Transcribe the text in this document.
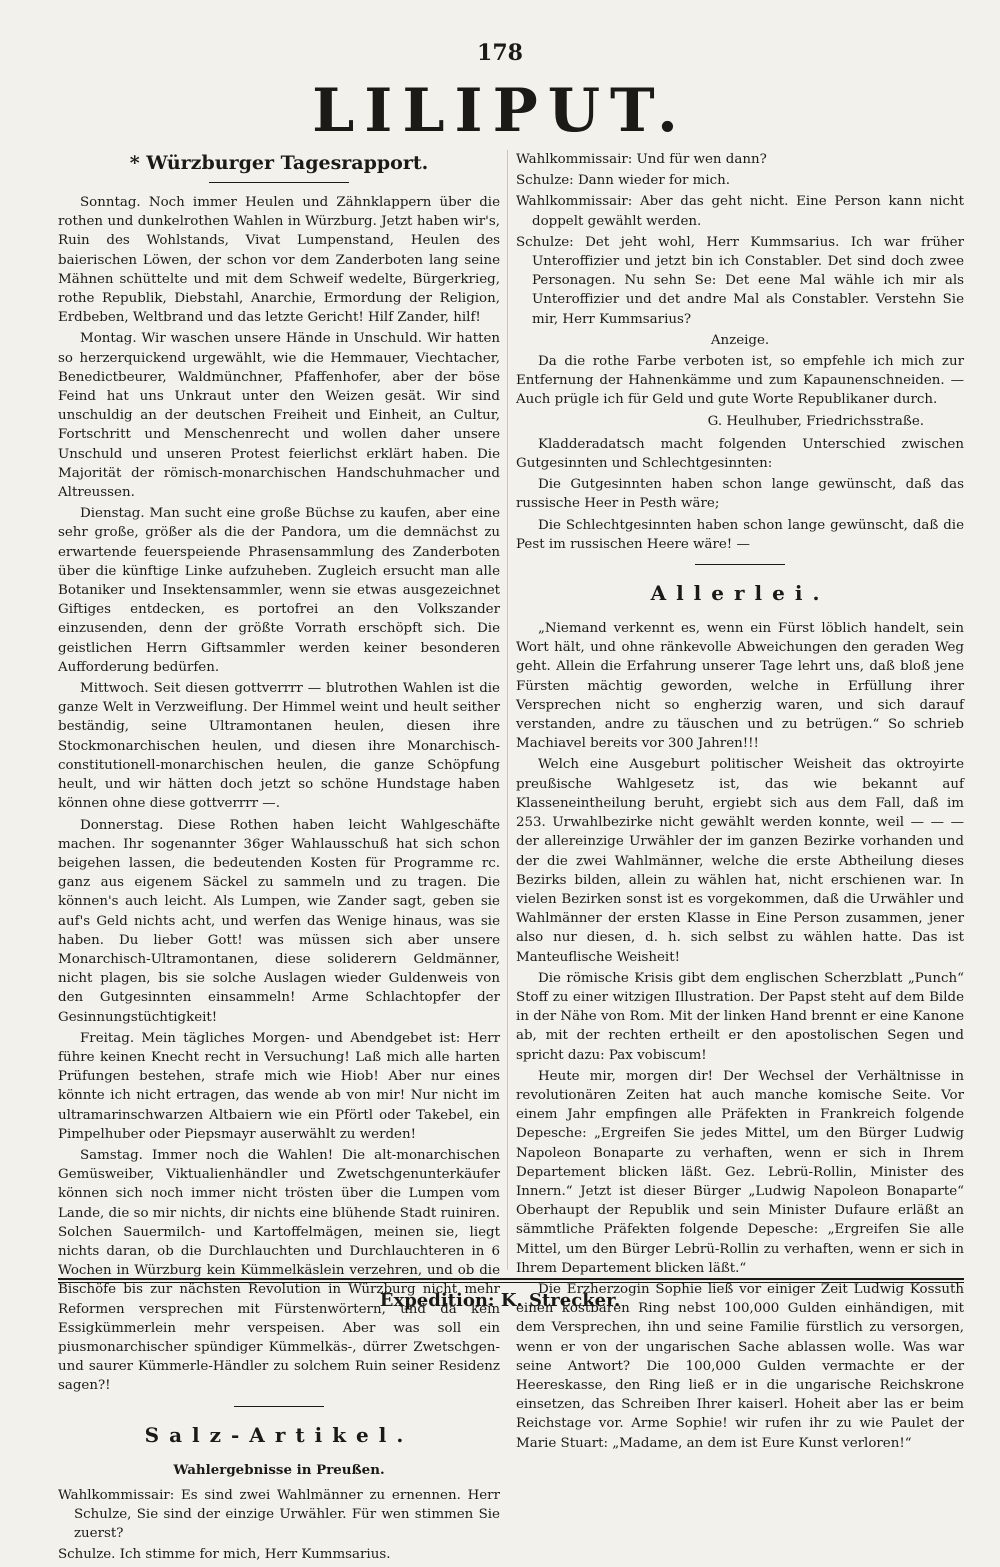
178
LILIPUT.
* Würzburger Tagesrapport.

Sonntag. Noch immer Heulen und Zähnklappern über die rothen und dunkelrothen Wahlen in Würzburg. Jetzt haben wir's, Ruin des Wohlstands, Vivat Lumpenstand, Heulen des baierischen Löwen, der schon vor dem Zanderboten lang seine Mähnen schüttelte und mit dem Schweif wedelte, Bürgerkrieg, rothe Republik, Diebstahl, Anarchie, Ermordung der Religion, Erdbeben, Weltbrand und das letzte Gericht! Hilf Zander, hilf!

Montag. Wir waschen unsere Hände in Unschuld. Wir hatten so herzerquickend urgewählt, wie die Hemmauer, Viechtacher, Benedictbeurer, Waldmünchner, Pfaffenhofer, aber der böse Feind hat uns Unkraut unter den Weizen gesät. Wir sind unschuldig an der deutschen Freiheit und Einheit, an Cultur, Fortschritt und Menschenrecht und wollen daher unsere Unschuld und unseren Protest feierlichst erklärt haben. Die Majorität der römisch-monarchischen Handschuhmacher und Altreussen.

Dienstag. Man sucht eine große Büchse zu kaufen, aber eine sehr große, größer als die der Pandora, um die demnächst zu erwartende feuerspeiende Phrasensammlung des Zanderboten über die künftige Linke aufzuheben. Zugleich ersucht man alle Botaniker und Insektensammler, wenn sie etwas ausgezeichnet Giftiges entdecken, es portofrei an den Volkszander einzusenden, denn der größte Vorrath erschöpft sich. Die geistlichen Herrn Giftsammler werden keiner besonderen Aufforderung bedürfen.

Mittwoch. Seit diesen gottverrrr — blutrothen Wahlen ist die ganze Welt in Verzweiflung. Der Himmel weint und heult seither beständig, seine Ultramontanen heulen, diesen ihre Stockmonarchischen heulen, und diesen ihre Monarchisch-constitutionell-monarchischen heulen, die ganze Schöpfung heult, und wir hätten doch jetzt so schöne Hundstage haben können ohne diese gottverrrr —.

Donnerstag. Diese Rothen haben leicht Wahlgeschäfte machen. Ihr sogenannter 36ger Wahlausschuß hat sich schon beigehen lassen, die bedeutenden Kosten für Programme rc. ganz aus eigenem Säckel zu sammeln und zu tragen. Die können's auch leicht. Als Lumpen, wie Zander sagt, geben sie auf's Geld nichts acht, und werfen das Wenige hinaus, was sie haben. Du lieber Gott! was müssen sich aber unsere Monarchisch-Ultramontanen, diese soliderern Geldmänner, nicht plagen, bis sie solche Auslagen wieder Guldenweis von den Gutgesinnten einsammeln! Arme Schlachtopfer der Gesinnungstüchtigkeit!

Freitag. Mein tägliches Morgen- und Abendgebet ist: Herr führe keinen Knecht recht in Versuchung! Laß mich alle harten Prüfungen bestehen, strafe mich wie Hiob! Aber nur eines könnte ich nicht ertragen, das wende ab von mir! Nur nicht im ultramarinschwarzen Altbaiern wie ein Pförtl oder Takebel, ein Pimpelhuber oder Piepsmayr auserwählt zu werden!

Samstag. Immer noch die Wahlen! Die alt-monarchischen Gemüsweiber, Viktualienhändler und Zwetschgenunterkäufer können sich noch immer nicht trösten über die Lumpen vom Lande, die so mir nichts, dir nichts eine blühende Stadt ruiniren. Solchen Sauermilch- und Kartoffelmägen, meinen sie, liegt nichts daran, ob die Durchlauchten und Durchlauchteren in 6 Wochen in Würzburg kein Kümmelkäslein verzehren, und ob die Bischöfe bis zur nächsten Revolution in Würzburg nicht mehr Reformen versprechen mit Fürstenwörtern, und da kein Essigkümmerlein mehr verspeisen. Aber was soll ein piusmonarchischer spündiger Kümmelkäs-, dürrer Zwetschgen- und saurer Kümmerle-Händler zu solchem Ruin seiner Residenz sagen?!

Salz-Artikel.
Wahlergebnisse in Preußen.

Wahlkommissair: Es sind zwei Wahlmänner zu ernennen. Herr Schulze, Sie sind der einzige Urwähler. Für wen stimmen Sie zuerst?

Schulze. Ich stimme for mich, Herr Kummsarius.

Wahlkommissair: Und für wen dann?

Schulze: Dann wieder for mich.

Wahlkommissair: Aber das geht nicht. Eine Person kann nicht doppelt gewählt werden.

Schulze: Det jeht wohl, Herr Kummsarius. Ich war früher Unteroffizier und jetzt bin ich Constabler. Det sind doch zwee Personagen. Nu sehn Se: Det eene Mal wähle ich mir als Unteroffizier und det andre Mal als Constabler. Verstehn Sie mir, Herr Kummsarius?

Anzeige.

Da die rothe Farbe verboten ist, so empfehle ich mich zur Entfernung der Hahnenkämme und zum Kapaunenschneiden. — Auch prügle ich für Geld und gute Worte Republikaner durch.

G. Heulhuber, Friedrichsstraße.

Kladderadatsch macht folgenden Unterschied zwischen Gutgesinnten und Schlechtgesinnten:

Die Gutgesinnten haben schon lange gewünscht, daß das russische Heer in Pesth wäre;

Die Schlechtgesinnten haben schon lange gewünscht, daß die Pest im russischen Heere wäre! —

Allerlei.

„Niemand verkennt es, wenn ein Fürst löblich handelt, sein Wort hält, und ohne ränkevolle Abweichungen den geraden Weg geht. Allein die Erfahrung unserer Tage lehrt uns, daß bloß jene Fürsten mächtig geworden, welche in Erfüllung ihrer Versprechen nicht so engherzig waren, und sich darauf verstanden, andre zu täuschen und zu betrügen.“ So schrieb Machiavel bereits vor 300 Jahren!!!

Welch eine Ausgeburt politischer Weisheit das oktroyirte preußische Wahlgesetz ist, das wie bekannt auf Klasseneintheilung beruht, ergiebt sich aus dem Fall, daß im 253. Urwahlbezirke nicht gewählt werden konnte, weil — — — der allereinzige Urwähler der im ganzen Bezirke vorhanden und der die zwei Wahlmänner, welche die erste Abtheilung dieses Bezirks bilden, allein zu wählen hat, nicht erschienen war. In vielen Bezirken sonst ist es vorgekommen, daß die Urwähler und Wahlmänner der ersten Klasse in Eine Person zusammen, jener also nur diesen, d. h. sich selbst zu wählen hatte. Das ist Manteuflische Weisheit!

Die römische Krisis gibt dem englischen Scherzblatt „Punch“ Stoff zu einer witzigen Illustration. Der Papst steht auf dem Bilde in der Nähe von Rom. Mit der linken Hand brennt er eine Kanone ab, mit der rechten ertheilt er den apostolischen Segen und spricht dazu: Pax vobiscum!

Heute mir, morgen dir! Der Wechsel der Verhältnisse in revolutionären Zeiten hat auch manche komische Seite. Vor einem Jahr empfingen alle Präfekten in Frankreich folgende Depesche: „Ergreifen Sie jedes Mittel, um den Bürger Ludwig Napoleon Bonaparte zu verhaften, wenn er sich in Ihrem Departement blicken läßt. Gez. Lebrü-Rollin, Minister des Innern.“ Jetzt ist dieser Bürger „Ludwig Napoleon Bonaparte“ Oberhaupt der Republik und sein Minister Dufaure erläßt an sämmtliche Präfekten folgende Depesche: „Ergreifen Sie alle Mittel, um den Bürger Lebrü-Rollin zu verhaften, wenn er sich in Ihrem Departement blicken läßt.“

Die Erzherzogin Sophie ließ vor einiger Zeit Ludwig Kossuth einen kostbaren Ring nebst 100,000 Gulden einhändigen, mit dem Versprechen, ihn und seine Familie fürstlich zu versorgen, wenn er von der ungarischen Sache ablassen wolle. Was war seine Antwort? Die 100,000 Gulden vermachte er der Heereskasse, den Ring ließ er in die ungarische Reichskrone einsetzen, das Schreiben Ihrer kaiserl. Hoheit aber las er beim Reichstage vor. Arme Sophie! wir rufen ihr zu wie Paulet der Marie Stuart: „Madame, an dem ist Eure Kunst verloren!“

Expedition: K. Strecker.
